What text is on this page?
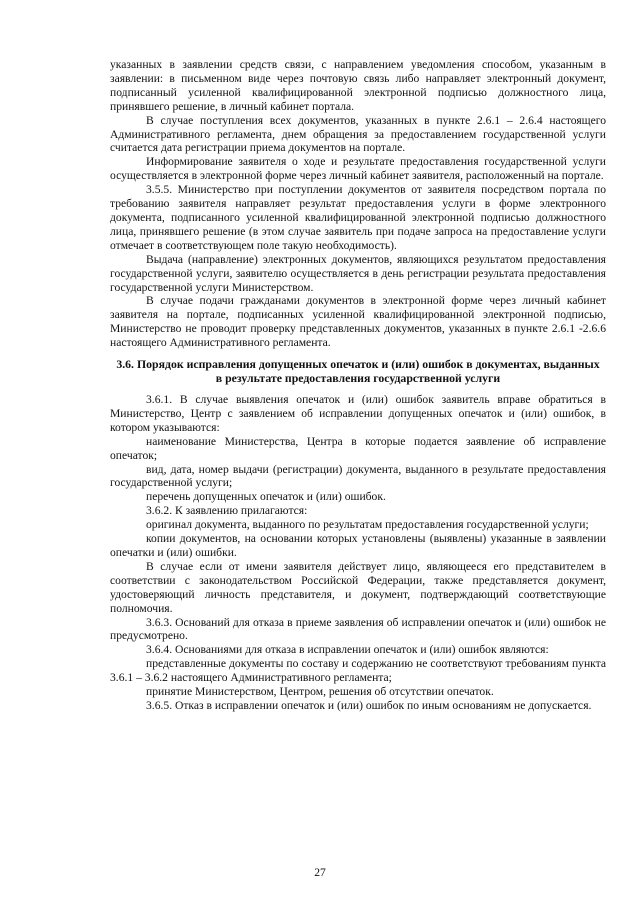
указанных в заявлении средств связи, с направлением уведомления способом, указанным в заявлении: в письменном виде через почтовую связь либо направляет электронный документ, подписанный усиленной квалифицированной электронной подписью должностного лица, принявшего решение, в личный кабинет портала.

В случае поступления всех документов, указанных в пункте 2.6.1 – 2.6.4 настоящего Административного регламента, днем обращения за предоставлением государственной услуги считается дата регистрации приема документов на портале.

Информирование заявителя о ходе и результате предоставления государственной услуги осуществляется в электронной форме через личный кабинет заявителя, расположенный на портале.

3.5.5. Министерство при поступлении документов от заявителя посредством портала по требованию заявителя направляет результат предоставления услуги в форме электронного документа, подписанного усиленной квалифицированной электронной подписью должностного лица, принявшего решение (в этом случае заявитель при подаче запроса на предоставление услуги отмечает в соответствующем поле такую необходимость).

Выдача (направление) электронных документов, являющихся результатом предоставления государственной услуги, заявителю осуществляется в день регистрации результата предоставления государственной услуги Министерством.

В случае подачи гражданами документов в электронной форме через личный кабинет заявителя на портале, подписанных усиленной квалифицированной электронной подписью, Министерство не проводит проверку представленных документов, указанных в пункте 2.6.1 -2.6.6 настоящего Административного регламента.

3.6. Порядок исправления допущенных опечаток и (или) ошибок в документах, выданных в результате предоставления государственной услуги

3.6.1. В случае выявления опечаток и (или) ошибок заявитель вправе обратиться в Министерство, Центр с заявлением об исправлении допущенных опечаток и (или) ошибок, в котором указываются:

наименование Министерства, Центра в которые подается заявление об исправление опечаток;

вид, дата, номер выдачи (регистрации) документа, выданного в результате предоставления государственной услуги;

перечень допущенных опечаток и (или) ошибок.

3.6.2. К заявлению прилагаются:

оригинал документа, выданного по результатам предоставления государственной услуги;

копии документов, на основании которых установлены (выявлены) указанные в заявлении опечатки и (или) ошибки.

В случае если от имени заявителя действует лицо, являющееся его представителем в соответствии с законодательством Российской Федерации, также представляется документ, удостоверяющий личность представителя, и документ, подтверждающий соответствующие полномочия.

3.6.3. Оснований для отказа в приеме заявления об исправлении опечаток и (или) ошибок не предусмотрено.

3.6.4. Основаниями для отказа в исправлении опечаток и (или) ошибок являются:

представленные документы по составу и содержанию не соответствуют требованиям пункта 3.6.1 – 3.6.2 настоящего Административного регламента;

принятие Министерством, Центром, решения об отсутствии опечаток.

3.6.5. Отказ в исправлении опечаток и (или) ошибок по иным основаниям не допускается.

27
